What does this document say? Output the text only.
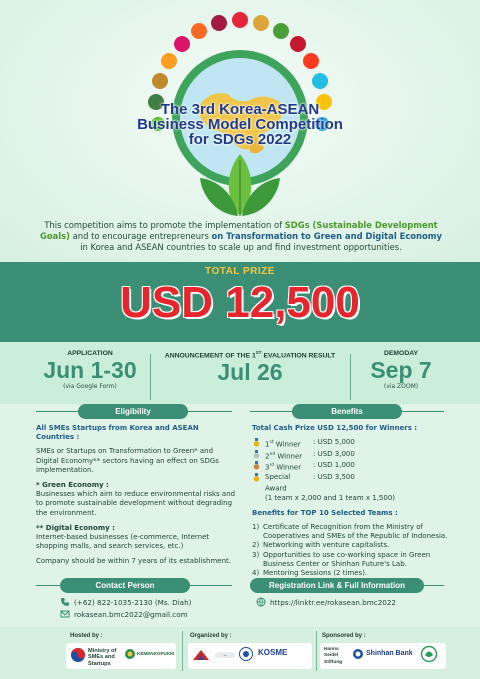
The 3rd Korea-ASEAN
Business Model Competition
for SDGs 2022
This competition aims to promote the implementation of SDGs (Sustainable Development Goals) and to encourage entrepreneurs on Transformation to Green and Digital Economy in Korea and ASEAN countries to scale up and find investment opportunities.
TOTAL PRIZE
USD 12,500
APPLICATION
Jun 1-30
(via Google Form)
ANNOUNCEMENT OF THE 1ST EVALUATION RESULT
Jul 26
DEMODAY
Sep 7
(via ZOOM)
Eligibility
All SMEs Startups from Korea and ASEAN Countries :

SMEs or Startups on Transformation to Green* and Digital Economy** sectors having an effect on SDGs implementation.

* Green Economy :

Businesses which aim to reduce environmental risks and to promote sustainable development without degrading the environment.

** Digital Economy :

Internet-based businesses (e-commerce, Internet shopping malls, and search services, etc.)

Company should be within 7 years of its establishment.

Benefits
Total Cash Prize USD 12,500 for Winners :
1st Winner	: USD 5,000
2nd Winner	: USD 3,000
3rd Winner	: USD 1,000
Special Award
: USD 3,500
(1 team x 2,000 and 1 team x 1,500)
Benefits for TOP 10 Selected Teams :
1) Certificate of Recognition from the Ministry of Cooperatives and SMEs of the Republic of Indonesia.
2) Networking with venture capitalists.
3) Opportunities to use co-working space in Green Business Center or Shinhan Future's Lab.
4) Mentoring Sessions (2 times).
Contact Person
(+62) 822-1035-2130 (Ms. Diah)
rokasean.bmc2022@gmail.com
Registration Link & Full Information
https://linktr.ee/rokasean.bmc2022
Hosted by :	Organized by :	Sponsored by :
Ministry of SMEs and Startups
KEMENKOPUKM	~	KOSME	Hanns Seidel Stiftung
Shinhan Bank
